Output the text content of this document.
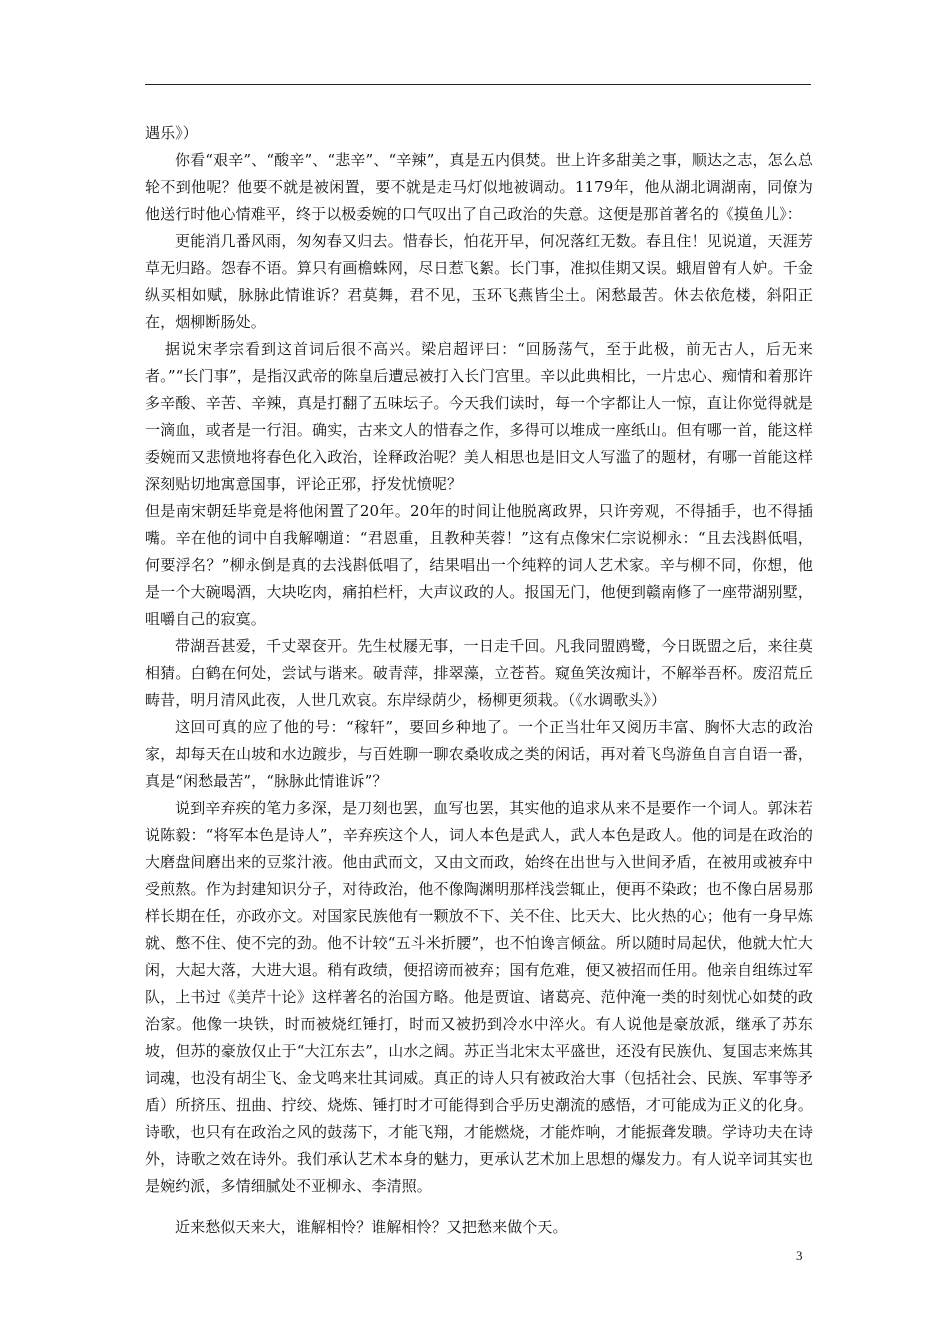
遇乐》）

你看“艰辛”、“酸辛”、“悲辛”、“辛辣”，真是五内俱焚。世上许多甜美之事，顺达之志，怎么总轮不到他呢？他要不就是被闲置，要不就是走马灯似地被调动。1179年，他从湖北调湖南，同僚为他送行时他心情难平，终于以极委婉的口气叹出了自己政治的失意。这便是那首著名的《摸鱼儿》：

更能消几番风雨，匆匆春又归去。惜春长，怕花开早，何况落红无数。春且住！见说道，天涯芳草无归路。怨春不语。算只有画檐蛛网，尽日惹飞絮。长门事，准拟佳期又误。蛾眉曾有人妒。千金纵买相如赋，脉脉此情谁诉？君莫舞，君不见，玉环飞燕皆尘土。闲愁最苦。休去依危楼，斜阳正在，烟柳断肠处。

据说宋孝宗看到这首词后很不高兴。梁启超评曰：“回肠荡气，至于此极，前无古人，后无来者。”“长门事”，是指汉武帝的陈皇后遭忌被打入长门宫里。辛以此典相比，一片忠心、痴情和着那许多辛酸、辛苦、辛辣，真是打翻了五味坛子。今天我们读时，每一个字都让人一惊，直让你觉得就是一滴血，或者是一行泪。确实，古来文人的惜春之作，多得可以堆成一座纸山。但有哪一首，能这样委婉而又悲愤地将春色化入政治，诠释政治呢？美人相思也是旧文人写滥了的题材，有哪一首能这样深刻贴切地寓意国事，评论正邪，抒发忧愤呢？

但是南宋朝廷毕竟是将他闲置了20年。20年的时间让他脱离政界，只许旁观，不得插手，也不得插嘴。辛在他的词中自我解嘲道：“君恩重，且教种芙蓉！”这有点像宋仁宗说柳永：“且去浅斟低唱，何要浮名？”柳永倒是真的去浅斟低唱了，结果唱出一个纯粹的词人艺术家。辛与柳不同，你想，他是一个大碗喝酒，大块吃肉，痛拍栏杆，大声议政的人。报国无门，他便到赣南修了一座带湖别墅，咀嚼自己的寂寞。

带湖吾甚爱，千丈翠奁开。先生杖屦无事，一日走千回。凡我同盟鸥鹭，今日既盟之后，来往莫相猜。白鹤在何处，尝试与谐来。破青萍，排翠藻，立苍苔。窥鱼笑汝痴计，不解举吾杯。废沼荒丘畴昔，明月清风此夜，人世几欢哀。东岸绿荫少，杨柳更须栽。（《水调歌头》）

这回可真的应了他的号：“稼轩”，要回乡种地了。一个正当壮年又阅历丰富、胸怀大志的政治家，却每天在山坡和水边踱步，与百姓聊一聊农桑收成之类的闲话，再对着飞鸟游鱼自言自语一番，真是“闲愁最苦”，“脉脉此情谁诉”？

说到辛弃疾的笔力多深，是刀刻也罢，血写也罢，其实他的追求从来不是要作一个词人。郭沫若说陈毅：“将军本色是诗人”，辛弃疾这个人，词人本色是武人，武人本色是政人。他的词是在政治的大磨盘间磨出来的豆浆汁液。他由武而文，又由文而政，始终在出世与入世间矛盾，在被用或被弃中受煎熬。作为封建知识分子，对待政治，他不像陶渊明那样浅尝辄止，便再不染政；也不像白居易那样长期在任，亦政亦文。对国家民族他有一颗放不下、关不住、比天大、比火热的心；他有一身早炼就、憋不住、使不完的劲。他不计较“五斗米折腰”，也不怕谗言倾盆。所以随时局起伏，他就大忙大闲，大起大落，大进大退。稍有政绩，便招谤而被弃；国有危难，便又被招而任用。他亲自组练过军队，上书过《美芹十论》这样著名的治国方略。他是贾谊、诸葛亮、范仲淹一类的时刻忧心如焚的政治家。他像一块铁，时而被烧红锤打，时而又被扔到冷水中淬火。有人说他是豪放派，继承了苏东坡，但苏的豪放仅止于“大江东去”，山水之阔。苏正当北宋太平盛世，还没有民族仇、复国志来炼其词魂，也没有胡尘飞、金戈鸣来壮其词威。真正的诗人只有被政治大事（包括社会、民族、军事等矛盾）所挤压、扭曲、拧绞、烧炼、锤打时才可能得到合乎历史潮流的感悟，才可能成为正义的化身。诗歌，也只有在政治之风的鼓荡下，才能飞翔，才能燃烧，才能炸响，才能振聋发聩。学诗功夫在诗外，诗歌之效在诗外。我们承认艺术本身的魅力，更承认艺术加上思想的爆发力。有人说辛词其实也是婉约派，多情细腻处不亚柳永、李清照。

近来愁似天来大，谁解相怜？谁解相怜？又把愁来做个天。

3
